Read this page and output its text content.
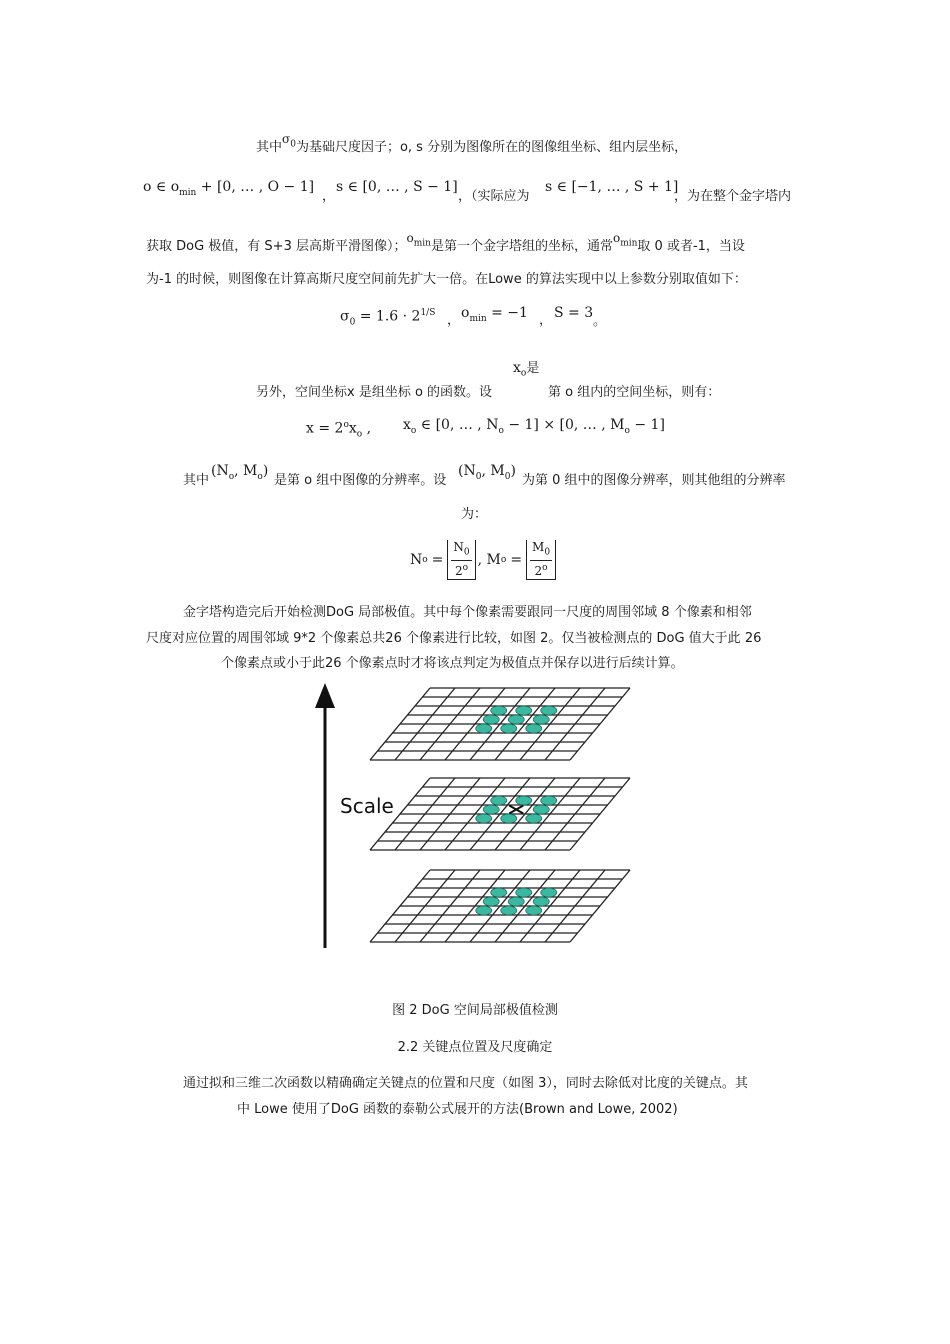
其中$\sigma_0$为基础尺度因子；o, s 分别为图像所在的图像组坐标、组内层坐标，
o ∈ $o_{min} + [0$, … , O − 1]
，
s ∈ [0, … , S − 1]
，（实际应为
s ∈ [−1, … , S + 1]
，为在整个金字塔内
获取 DoG 极值，有 S+3 层高斯平滑图像）；$o_{min}$是第一个金字塔组的坐标，通常$o_{min}$取 0 或者-1，当设
为-1 的时候，则图像在计算高斯尺度空间前先扩大一倍。在Lowe 的算法实现中以上参数分别取值如下：
$\sigma_0 = 1.6 \cdot 2^{1/S}$ ， $o_{min} = -1$ ， S = 3
。
$x_o$是
另外，空间坐标x 是组坐标 o 的函数。设	第 o 组内的空间坐标，则有：
$x = 2^ox_o$ , $x_o$ ∈ [0, … , $N_o - 1] \times [0$, … , $M_o - 1$]
其中
($N_o$, $M_o$)
是第 o 组中图像的分辨率。设
($N_0$, $M_0$)
为第 0 组中的图像分辨率，则其他组的分辨率
为：
N $o = \frac{N_0}{2^o}$ , M $o = \frac{M_0}{2^o}$
金字塔构造完后开始检测DoG 局部极值。其中每个像素需要跟同一尺度的周围邻域 8 个像素和相邻
尺度对应位置的周围邻域 9*2 个像素总共26 个像素进行比较，如图 2。仅当被检测点的 DoG 值大于此 26
个像素点或小于此26 个像素点时才将该点判定为极值点并保存以进行后续计算。
Scale
图 2 DoG 空间局部极值检测
2.2 关键点位置及尺度确定
通过拟和三维二次函数以精确确定关键点的位置和尺度（如图 3），同时去除低对比度的关键点。其
中 Lowe 使用了DoG 函数的泰勒公式展开的方法(Brown and Lowe, 2002)
